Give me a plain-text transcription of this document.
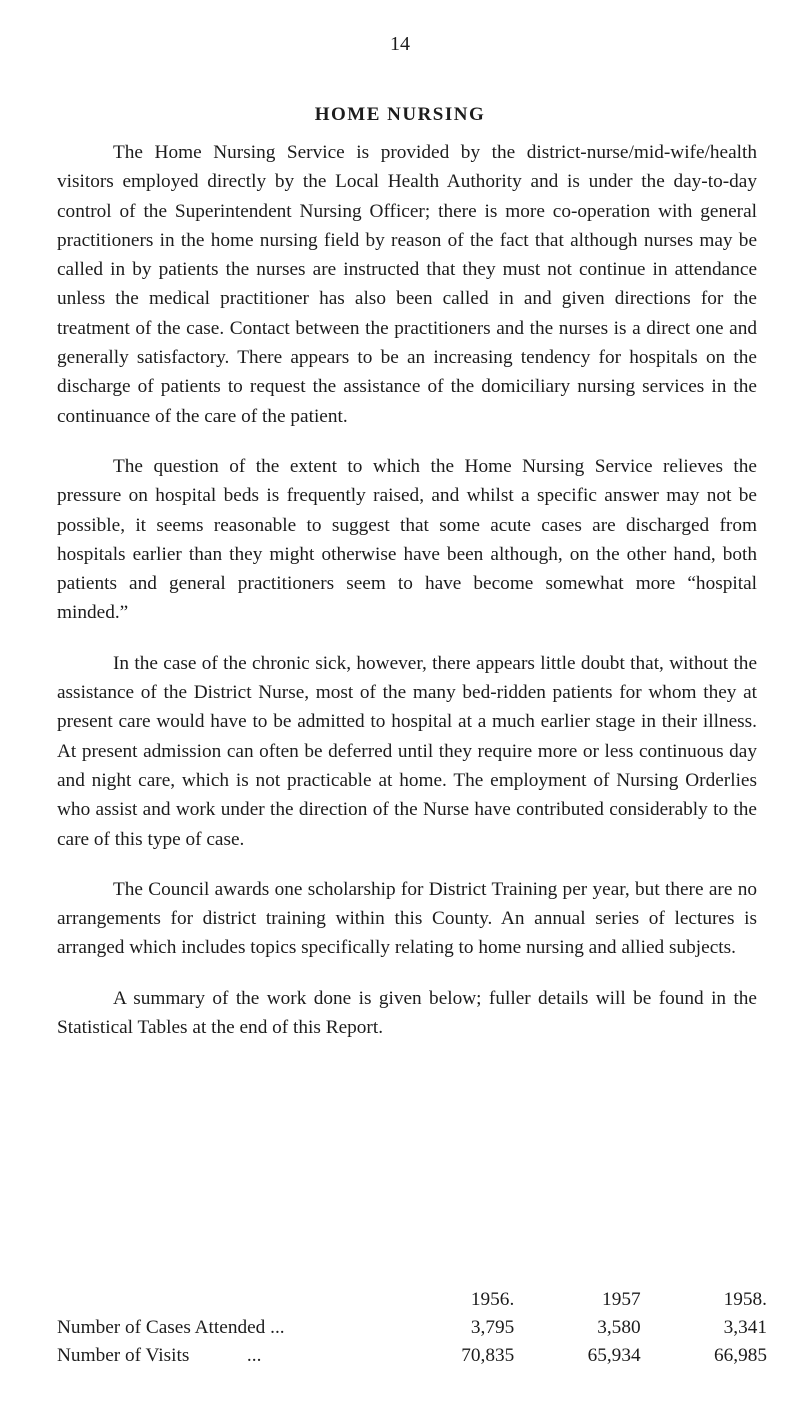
14
HOME NURSING

The Home Nursing Service is provided by the district-nurse/mid-wife/health visitors employed directly by the Local Health Authority and is under the day-to-day control of the Superintendent Nursing Officer; there is more co-operation with general practitioners in the home nursing field by reason of the fact that although nurses may be called in by patients the nurses are instructed that they must not continue in attendance unless the medical practitioner has also been called in and given directions for the treatment of the case. Contact between the practitioners and the nurses is a direct one and generally satisfactory. There appears to be an increasing tendency for hospitals on the discharge of patients to request the assistance of the domiciliary nursing services in the continuance of the care of the patient.

The question of the extent to which the Home Nursing Service relieves the pressure on hospital beds is frequently raised, and whilst a specific answer may not be possible, it seems reasonable to suggest that some acute cases are discharged from hospitals earlier than they might otherwise have been although, on the other hand, both patients and general practitioners seem to have become somewhat more “hospital minded.”

In the case of the chronic sick, however, there appears little doubt that, without the assistance of the District Nurse, most of the many bed-ridden patients for whom they at present care would have to be admitted to hospital at a much earlier stage in their illness. At present admission can often be deferred until they require more or less continuous day and night care, which is not practicable at home. The employment of Nursing Orderlies who assist and work under the direction of the Nurse have contributed considerably to the care of this type of case.

The Council awards one scholarship for District Training per year, but there are no arrangements for district training within this County. An annual series of lectures is arranged which includes topics specifically relating to home nursing and allied subjects.

A summary of the work done is given below; fuller details will be found in the Statistical Tables at the end of this Report.

	1956.	1957	1958.
Number of Cases Attended ...	3,795	3,580	3,341
Number of Visits ...	70,835	65,934	66,985
